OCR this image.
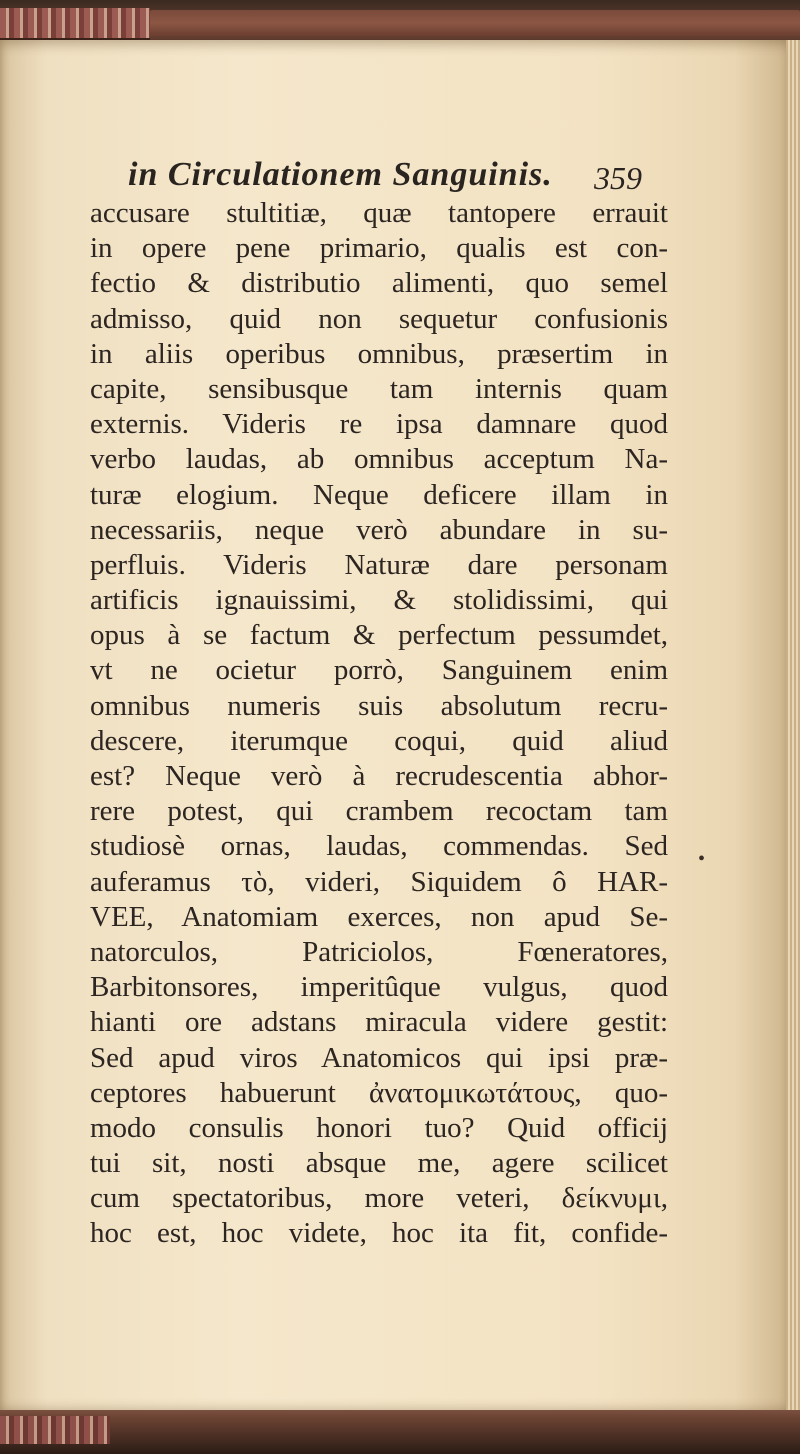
in Circulationem Sanguinis.	359
accusare stultitiæ, quæ tantopere errauit
in opere pene primario, qualis est con-
fectio & distributio alimenti, quo semel
admisso, quid non sequetur confusionis
in aliis operibus omnibus, præsertim in
capite, sensibusque tam internis quam
externis. Videris re ipsa damnare quod
verbo laudas, ab omnibus acceptum Na-
turæ elogium. Neque deficere illam in
necessariis, neque verò abundare in su-
perfluis. Videris Naturæ dare personam
artificis ignauissimi, & stolidissimi, qui
opus à se factum & perfectum pessumdet,
vt ne ocietur porrò, Sanguinem enim
omnibus numeris suis absolutum recru-
descere, iterumque coqui, quid aliud
est? Neque verò à recrudescentia abhor-
rere potest, qui crambem recoctam tam
studiosè ornas, laudas, commendas. Sed
auferamus τὸ, videri, Siquidem ô HAR-
VEE, Anatomiam exerces, non apud Se-
natorculos, Patriciolos, Fœneratores,
Barbitonsores, imperitûque vulgus, quod
hianti ore adstans miracula videre gestit:
Sed apud viros Anatomicos qui ipsi præ-
ceptores habuerunt ἀνατομικωτάτους, quo-
modo consulis honori tuo? Quid officij
tui sit, nosti absque me, agere scilicet
cum spectatoribus, more veteri, δείκνυμι,
hoc est, hoc videte, hoc ita fit, confide-
•
